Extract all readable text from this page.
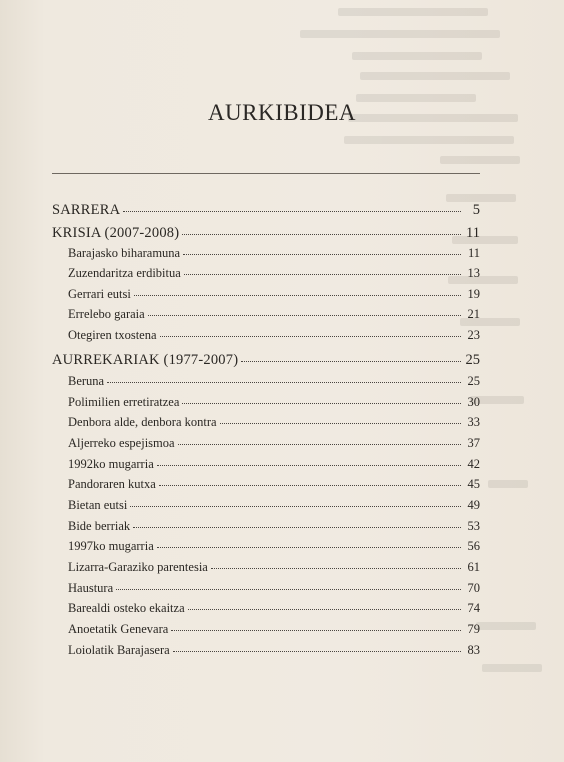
AURKIBIDEA
SARRERA	5
KRISIA (2007-2008)	11
Barajasko biharamuna	11
Zuzendaritza erdibitua	13
Gerrari eutsi	19
Errelebo garaia	21
Otegiren txostena	23
AURREKARIAK (1977-2007)	25
Beruna	25
Polimilien erretiratzea	30
Denbora alde, denbora kontra	33
Aljerreko espejismoa	37
1992ko mugarria	42
Pandoraren kutxa	45
Bietan eutsi	49
Bide berriak	53
1997ko mugarria	56
Lizarra-Garaziko parentesia	61
Haustura	70
Barealdi osteko ekaitza	74
Anoetatik Genevara	79
Loiolatik Barajasera	83
